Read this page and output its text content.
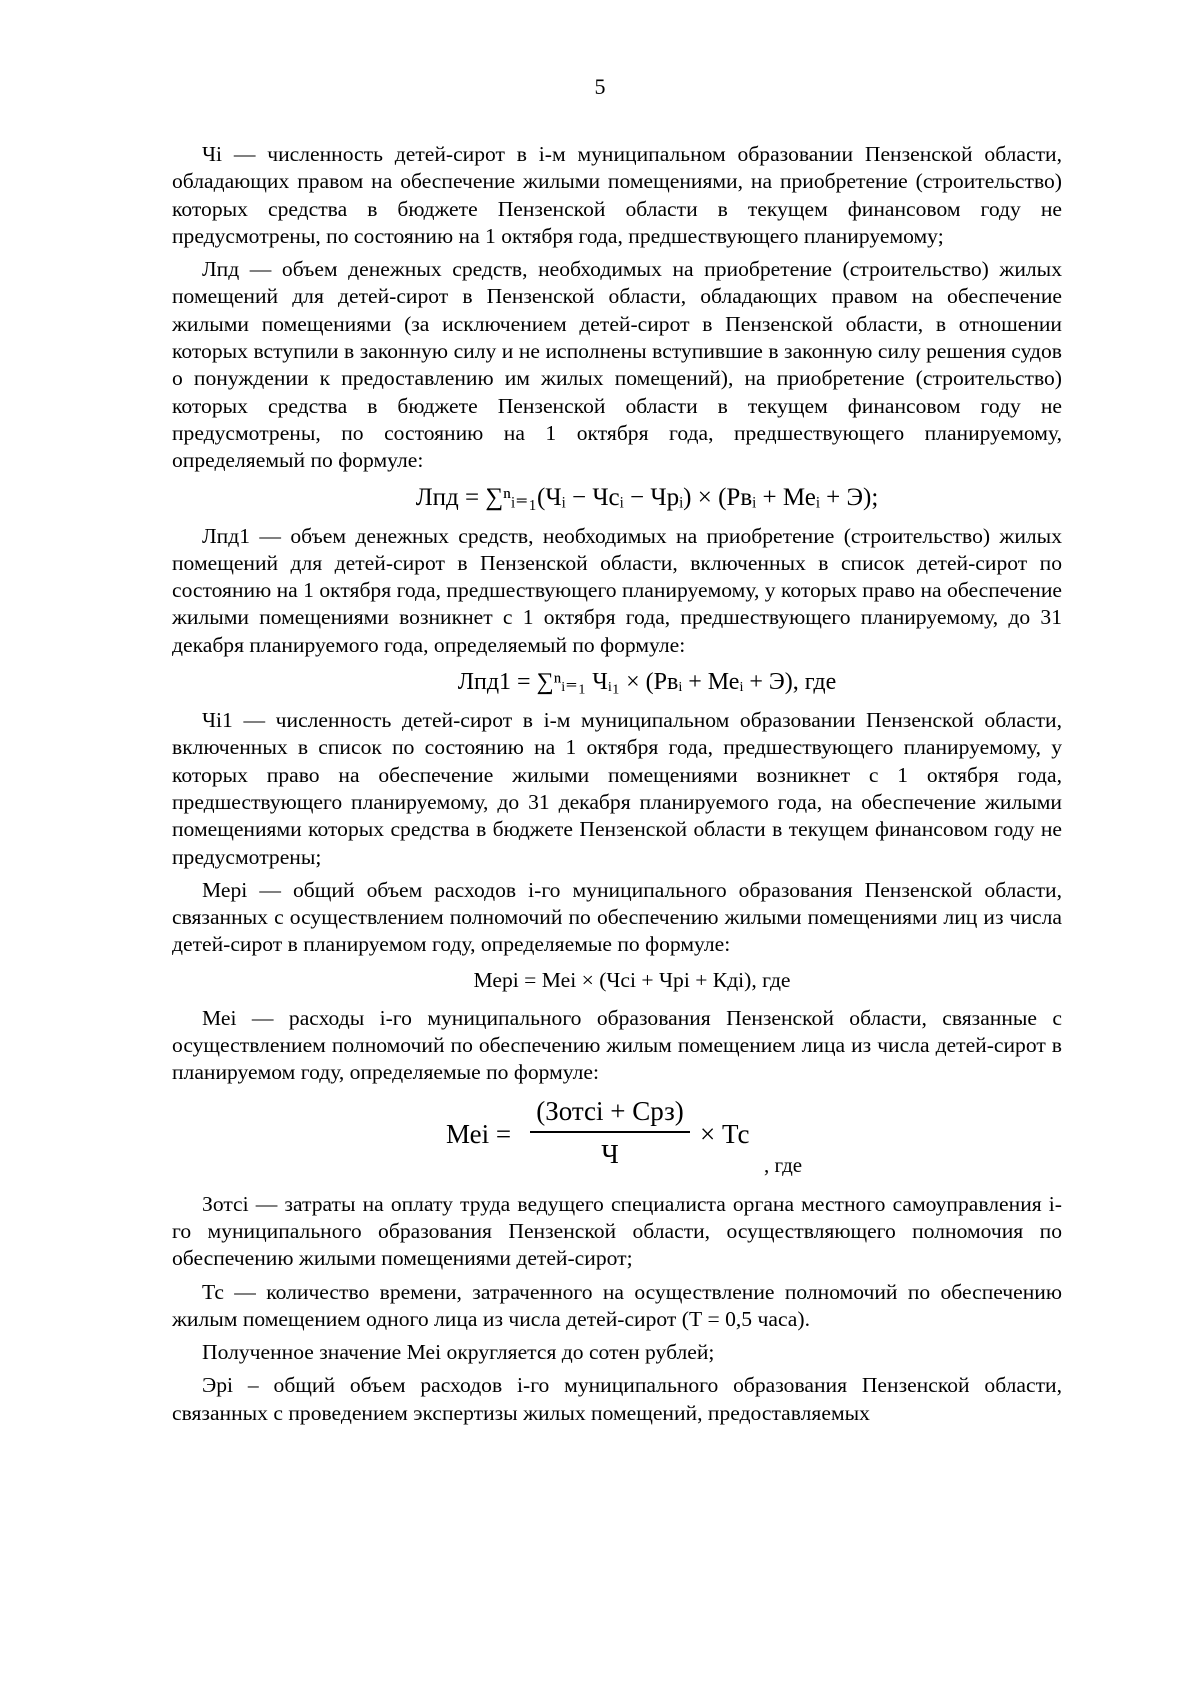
5

Чi — численность детей-сирот в i-м муниципальном образовании Пензенской области, обладающих правом на обеспечение жилыми помещениями, на приобретение (строительство) которых средства в бюджете Пензенской области в текущем финансовом году не предусмотрены, по состоянию на 1 октября года, предшествующего планируемому;

Лпд — объем денежных средств, необходимых на приобретение (строительство) жилых помещений для детей-сирот в Пензенской области, обладающих правом на обеспечение жилыми помещениями (за исключением детей-сирот в Пензенской области, в отношении которых вступили в законную силу и не исполнены вступившие в законную силу решения судов о понуждении к предоставлению им жилых помещений), на приобретение (строительство) которых средства в бюджете Пензенской области в текущем финансовом году не предусмотрены, по состоянию на 1 октября года, предшествующего планируемому, определяемый по формуле:

Лпд = ∑ⁿᵢ₌₁(Чᵢ − Чсᵢ − Чрᵢ) × (Рвᵢ + Меᵢ + Э);

Лпд1 — объем денежных средств, необходимых на приобретение (строительство) жилых помещений для детей-сирот в Пензенской области, включенных в список детей-сирот по состоянию на 1 октября года, предшествующего планируемому, у которых право на обеспечение жилыми помещениями возникнет с 1 октября года, предшествующего планируемому, до 31 декабря планируемого года, определяемый по формуле:

Лпд1 = ∑ⁿᵢ₌₁ Чᵢ₁ × (Рвᵢ + Меᵢ + Э), где

Чi1 — численность детей-сирот в i-м муниципальном образовании Пензенской области, включенных в список по состоянию на 1 октября года, предшествующего планируемому, у которых право на обеспечение жилыми помещениями возникнет с 1 октября года, предшествующего планируемому, до 31 декабря планируемого года, на обеспечение жилыми помещениями которых средства в бюджете Пензенской области в текущем финансовом году не предусмотрены;

Мерi — общий объем расходов i-го муниципального образования Пензенской области, связанных с осуществлением полномочий по обеспечению жилыми помещениями лиц из числа детей-сирот в планируемом году, определяемые по формуле:

Мерi = Меi × (Чсi + Чрi + Кдi), где

Меi — расходы i-го муниципального образования Пензенской области, связанные с осуществлением полномочий по обеспечению жилым помещением лица из числа детей-сирот в планируемом году, определяемые по формуле:

Меi =
(Зотсi + Срз)
Ч
× Тс
, где

Зотсi — затраты на оплату труда ведущего специалиста органа местного самоуправления i-го муниципального образования Пензенской области, осуществляющего полномочия по обеспечению жилыми помещениями детей-сирот;

Тс — количество времени, затраченного на осуществление полномочий по обеспечению жилым помещением одного лица из числа детей-сирот (Т = 0,5 часа).

Полученное значение Меi округляется до сотен рублей;

Эрi – общий объем расходов i-го муниципального образования Пензенской области, связанных с проведением экспертизы жилых помещений, предоставляемых
